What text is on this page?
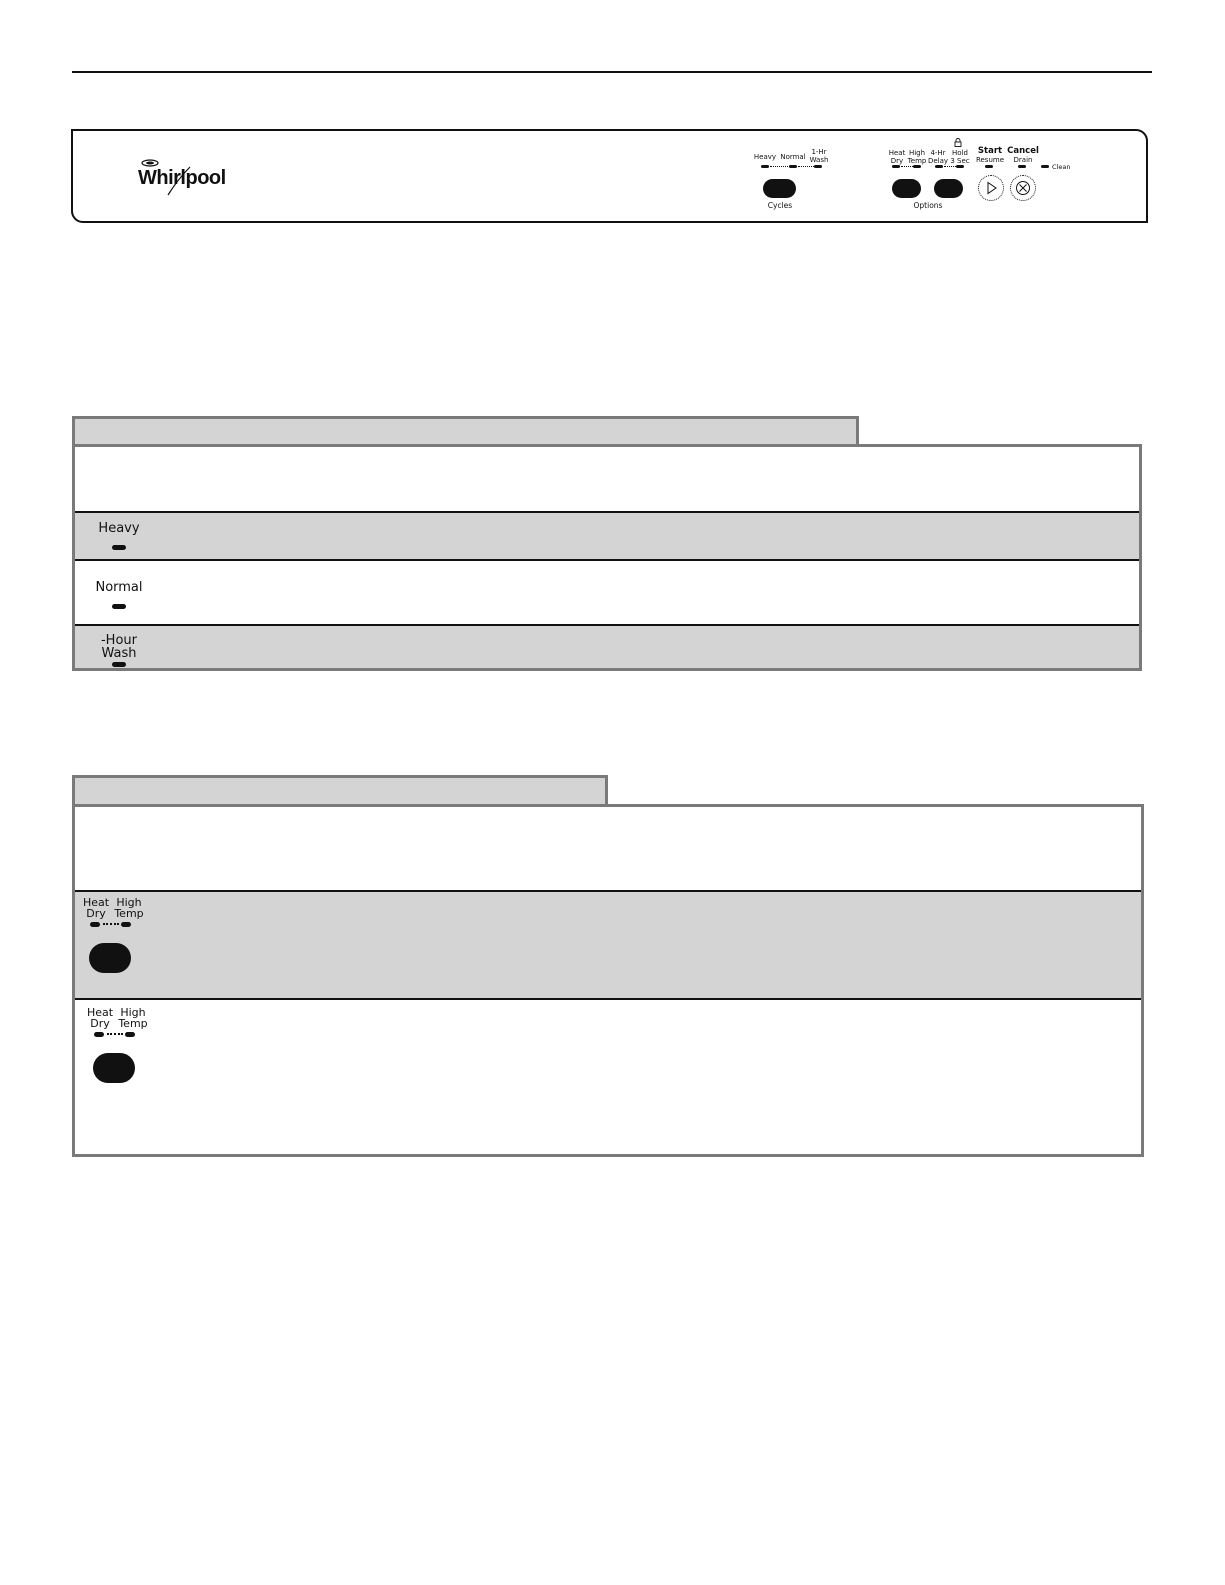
Whirlpool
Heavy Normal
1-Hr
Wash
Cycles
Heat
Dry
High
Temp
4-Hr
Delay
Hold
3 Sec
Options
Start
Resume
Cancel
Drain
Clean
Heavy
Normal
-Hour
Wash
Heat
Dry
High
Temp
Heat
Dry
High
Temp
